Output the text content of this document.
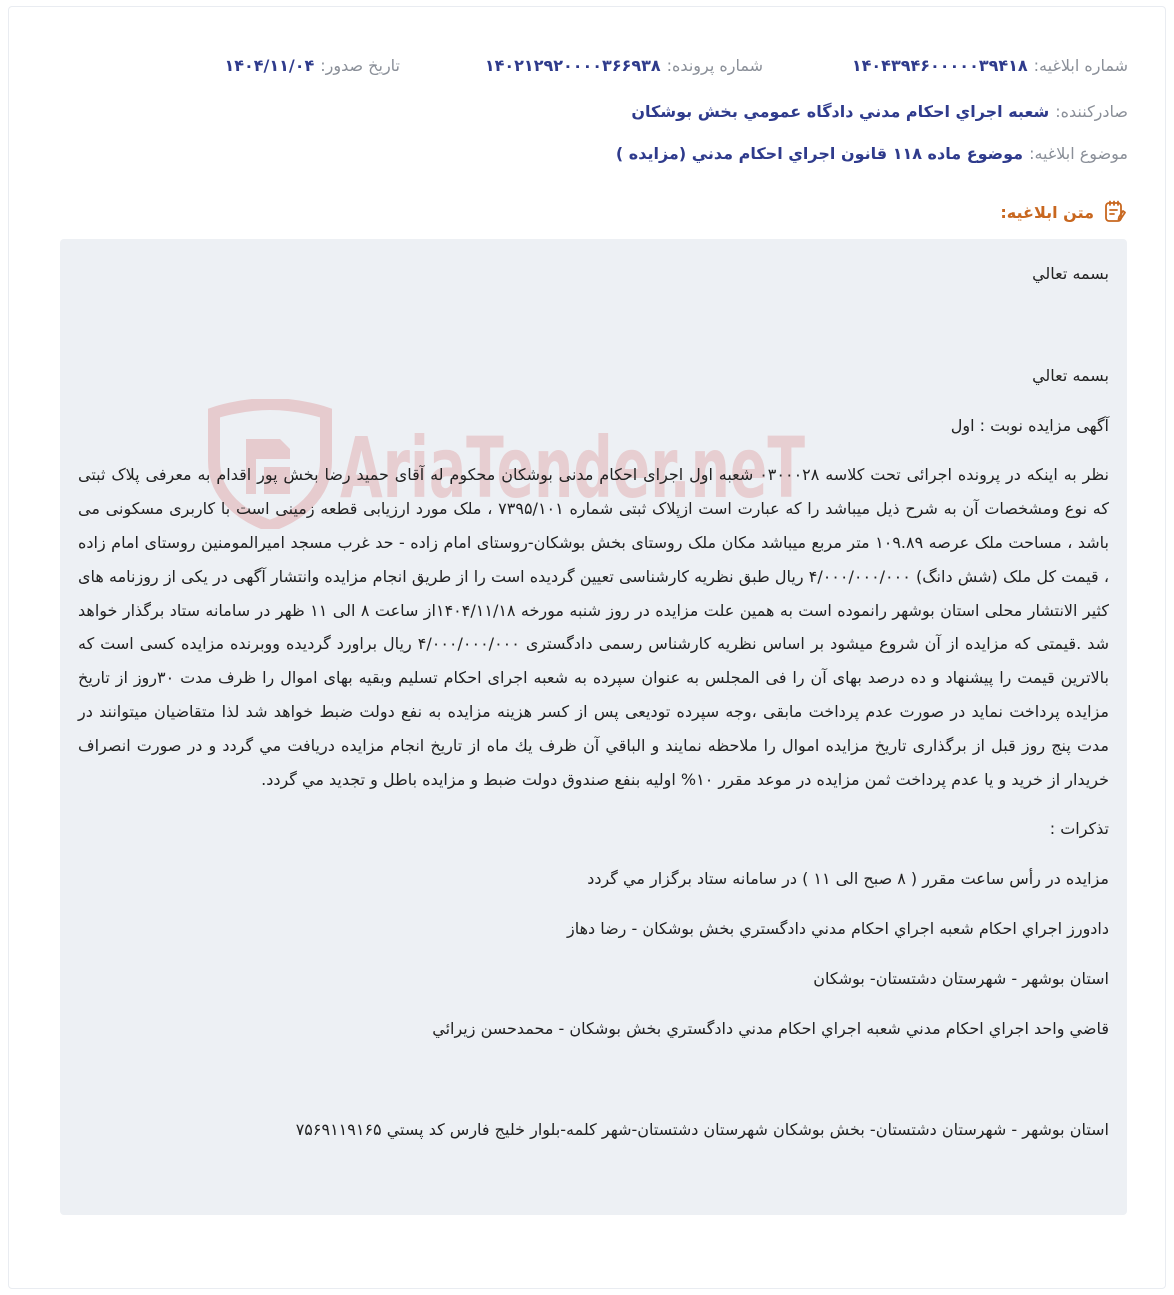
شماره ابلاغيه:
۱۴۰۴۳۹۴۶۰۰۰۰۰۳۹۴۱۸
شماره پرونده:
۱۴۰۲۱۲۹۲۰۰۰۰۳۶۶۹۳۸
تاريخ صدور:
۱۴۰۴/۱۱/۰۴
صادرکننده:
شعبه اجراي احکام مدني دادگاه عمومي بخش بوشكان
موضوع ابلاغيه:
موضوع ماده ۱۱۸ قانون اجراي احکام مدني (مزايده )
متن ابلاغيه:
AriaTender.neT
بسمه تعالي
بسمه تعالي
آگهی مزايده نوبت : اول
نظر به اینکه در پرونده اجرائی تحت کلاسه ۰۳۰۰۰۲۸ شعبه اول اجرای احکام مدنی بوشکان محکوم له آقای حمید رضا بخش پور اقدام به معرفی پلاک ثبتی که نوع ومشخصات آن به شرح ذیل میباشد را که عبارت است ازپلاک ثبتی شماره ۷۳۹۵/۱۰۱ ، ملک مورد ارزیابی قطعه زمینی است با کاربری مسکونی می باشد ، مساحت ملک عرصه ۱۰۹.۸۹ متر مربع میباشد مکان ملک روستای بخش بوشکان-روستای امام زاده - حد غرب مسجد امیرالمومنین روستای امام زاده ، قیمت کل ملک (شش دانگ) ۴/۰۰۰/۰۰۰/۰۰۰ ریال طبق نظریه کارشناسی تعیین گردیده است را از طریق انجام مزایده وانتشار آگهی در یکی از روزنامه های کثیر الانتشار محلی استان بوشهر رانموده است به همین علت مزایده در روز شنبه مورخه ۱۴۰۴/۱۱/۱۸از ساعت ۸ الی ۱۱ ظهر در سامانه ستاد برگذار خواهد شد .قیمتی که مزایده از آن شروع میشود بر اساس نظریه کارشناس رسمی دادگستری ۴/۰۰۰/۰۰۰/۰۰۰ ریال براورد گردیده ووبرنده مزایده کسی است که بالاترین قیمت را پیشنهاد و ده درصد بهای آن را فی المجلس به عنوان سپرده به شعبه اجرای احکام تسلیم وبقیه بهای اموال را ظرف مدت ۳۰روز از تاریخ مزایده پرداخت نماید در صورت عدم پرداخت مابقی ،وجه سپرده تودیعی پس از کسر هزینه مزایده به نفع دولت ضبط خواهد شد لذا متقاضیان میتوانند در مدت پنج روز قبل از برگذاری تاریخ مزایده اموال را ملاحظه نمایند و الباقي آن ظرف يك ماه از تاريخ انجام مزايده دريافت مي گردد و در صورت انصراف خريدار از خريد و يا عدم پرداخت ثمن مزايده در موعد مقرر ۱۰% اوليه بنفع صندوق دولت ضبط و مزايده باطل و تجديد مي گردد.
تذکرات :
مزايده در رأس ساعت مقرر ( ۸ صبح الی ۱۱ ) در سامانه ستاد برگزار مي گردد
دادورز اجراي احكام شعبه اجراي احکام مدني دادگستري بخش بوشكان - رضا دهاز
استان بوشهر - شهرستان دشتستان- بوشكان
قاضي واحد اجراي احکام مدني شعبه اجراي احکام مدني دادگستري بخش بوشكان - محمدحسن زيرائي
استان بوشهر - شهرستان دشتستان- بخش بوشكان شهرستان دشتستان-شهر کلمه-بلوار خلیج فارس کد پستي ۷۵۶۹۱۱۹۱۶۵
